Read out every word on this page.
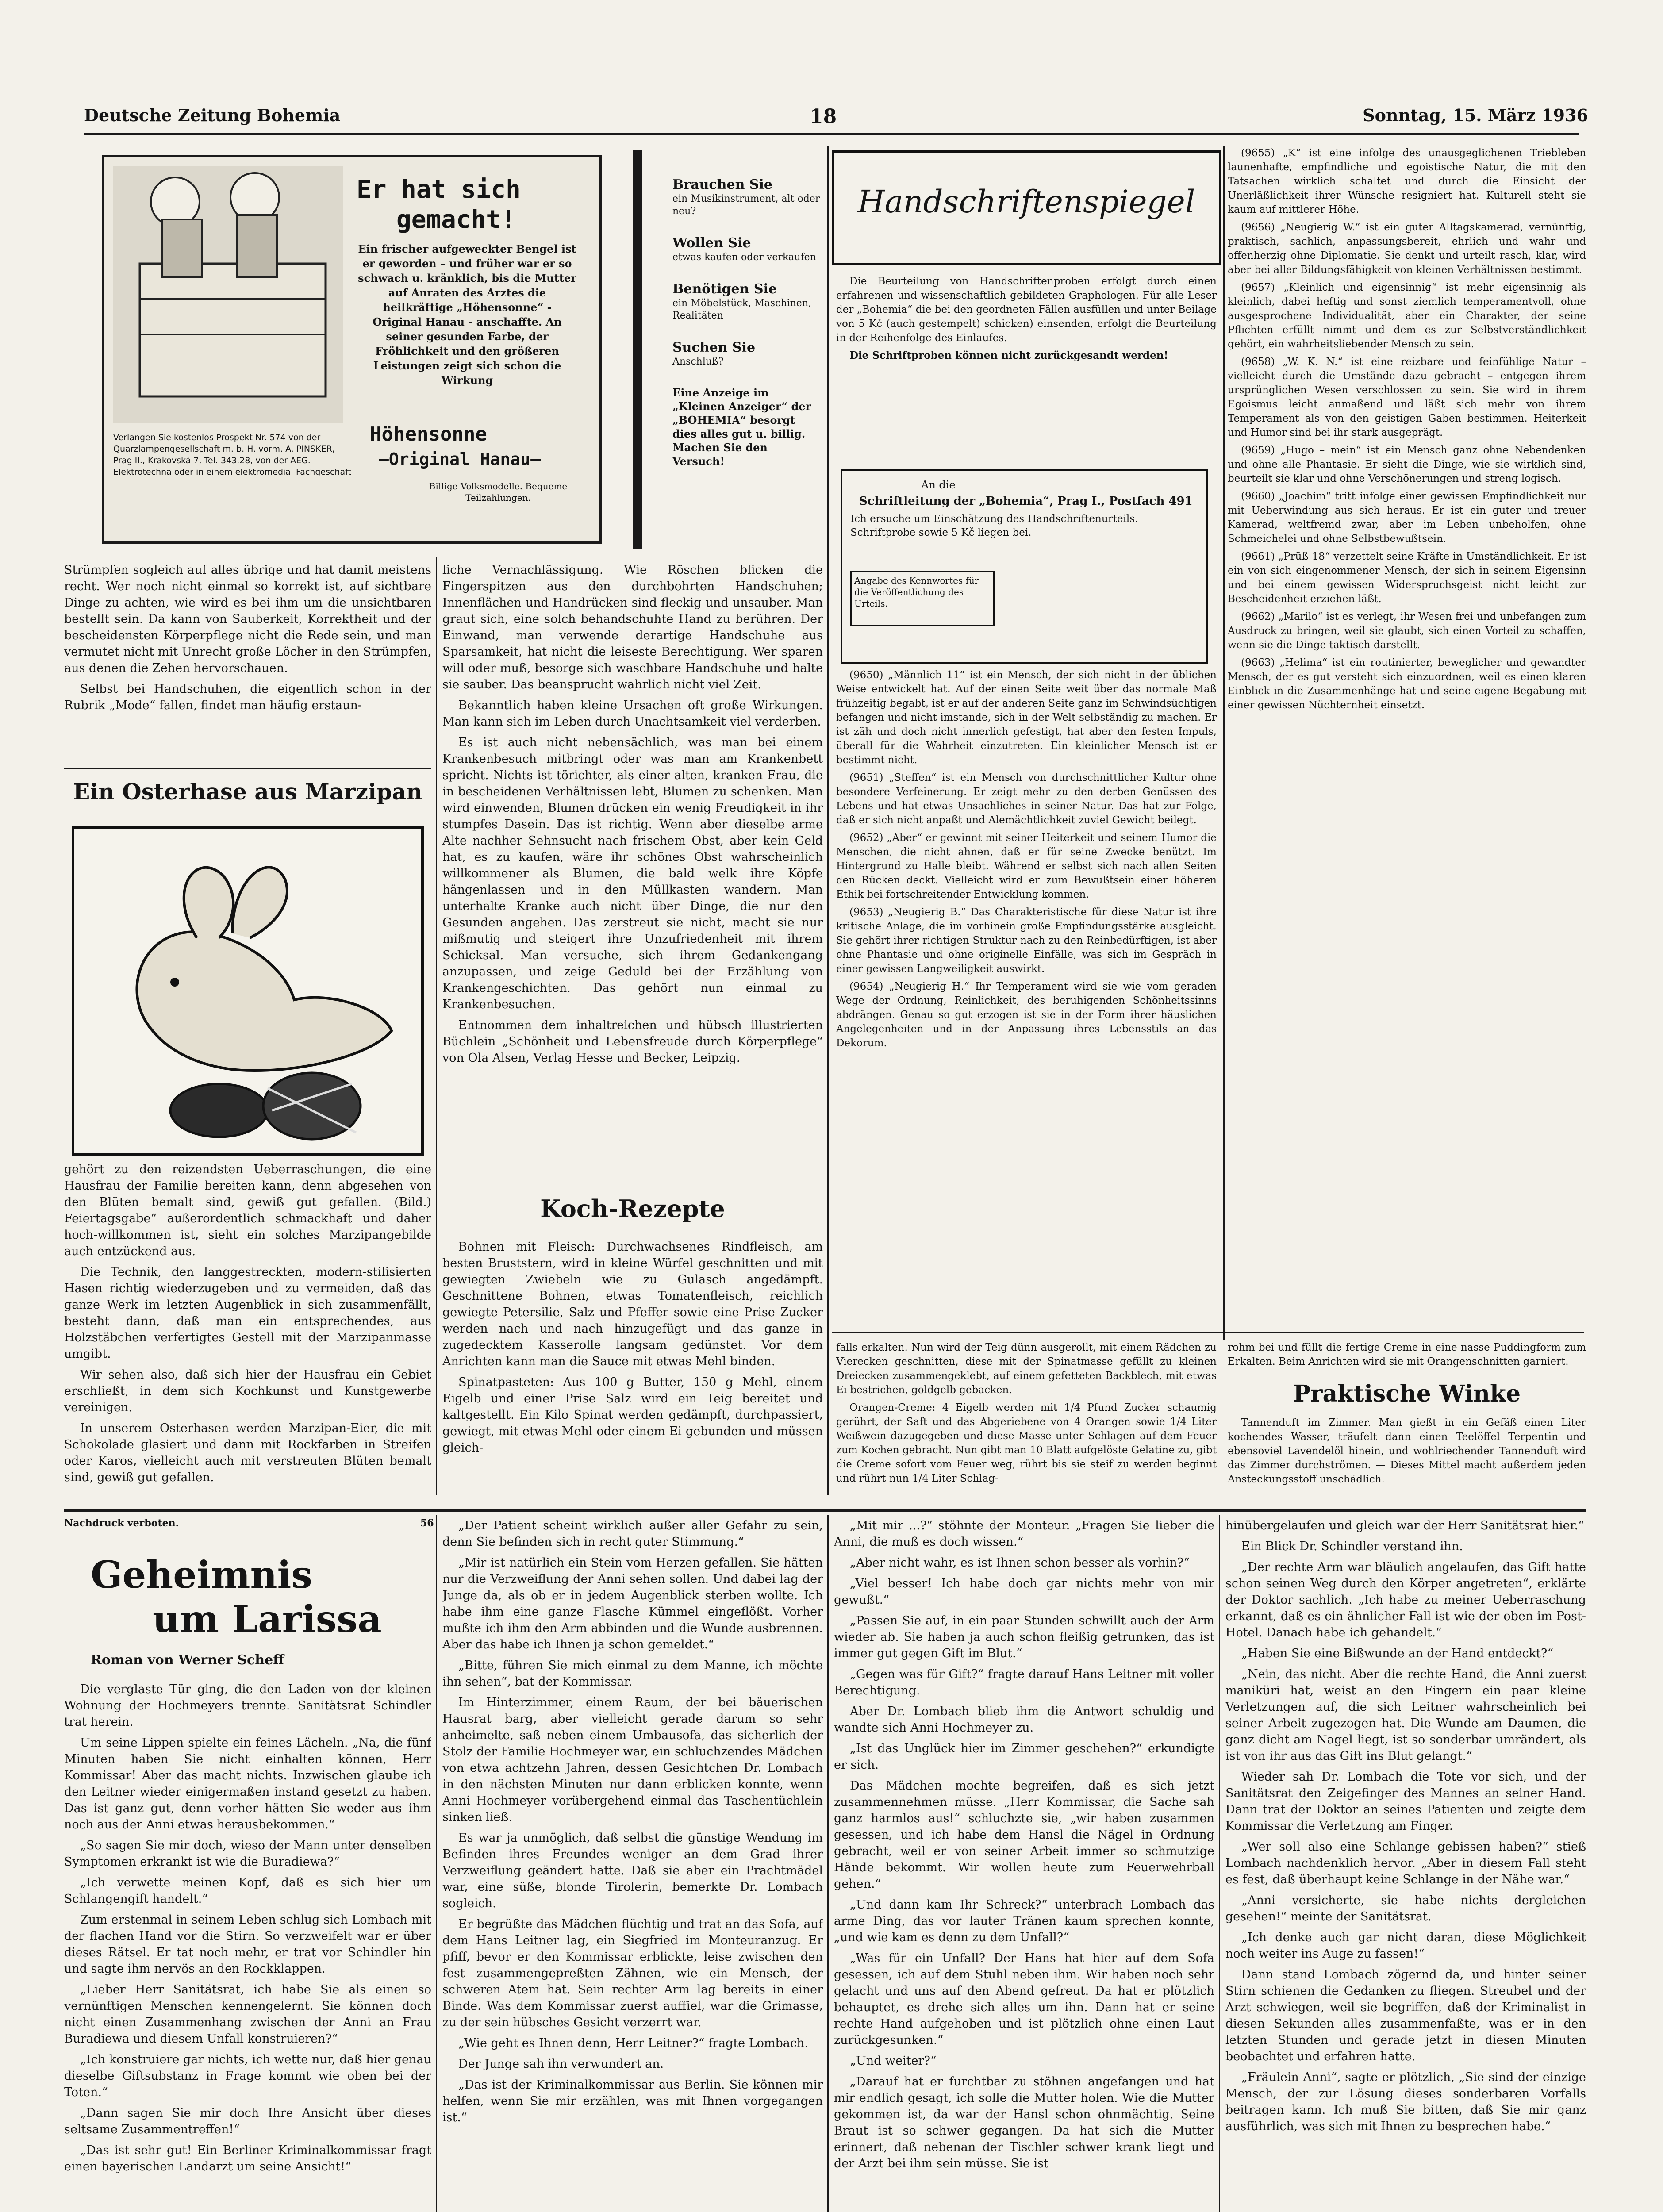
Deutsche Zeitung Bohemia	18	Sonntag, 15. März 1936
Er hat sich
gemacht!
Ein frischer aufgeweckter Bengel ist er geworden – und früher war er so schwach u. kränklich, bis die Mutter auf Anraten des Arztes die heilkräftige „Höhensonne“ - Original Hanau - anschaffte. An seiner gesunden Farbe, der Fröhlichkeit und den größeren Leistungen zeigt sich schon die Wirkung
Höhensonne
–Original Hanau–
Billige Volksmodelle. Bequeme Teilzahlungen.
Verlangen Sie kostenlos Prospekt Nr. 574 von der Quarzlampengesellschaft m. b. H. vorm. A. PINSKER, Prag II., Krakovská 7, Tel. 343.28, von der AEG. Elektrotechna oder in einem elektromedia. Fachgeschäft
Brauchen Sie
ein Musikinstrument, alt oder neu?
Wollen Sie
etwas kaufen oder verkaufen
Benötigen Sie
ein Möbelstück, Maschinen, Realitäten
Suchen Sie
Anschluß?
Eine Anzeige im „Kleinen Anzeiger“ der „BOHEMIA“ besorgt dies alles gut u. billig. Machen Sie den Versuch!

Strümpfen sogleich auf alles übrige und hat damit meistens recht. Wer noch nicht einmal so korrekt ist, auf sichtbare Dinge zu achten, wie wird es bei ihm um die unsichtbaren bestellt sein. Da kann von Sauberkeit, Korrektheit und der bescheidensten Körperpflege nicht die Rede sein, und man vermutet nicht mit Unrecht große Löcher in den Strümpfen, aus denen die Zehen hervorschauen.

Selbst bei Handschuhen, die eigentlich schon in der Rubrik „Mode“ fallen, findet man häufig erstaun-

Ein Osterhase aus Marzipan

gehört zu den reizendsten Ueberraschungen, die eine Hausfrau der Familie bereiten kann, denn abgesehen von den Blüten bemalt sind, gewiß gut gefallen. (Bild.) Feiertagsgabe“ außerordentlich schmackhaft und daher hoch-willkommen ist, sieht ein solches Marzipangebilde auch entzückend aus.

Die Technik, den langgestreckten, modern-stilisierten Hasen richtig wiederzugeben und zu vermeiden, daß das ganze Werk im letzten Augenblick in sich zusammenfällt, besteht dann, daß man ein entsprechendes, aus Holzstäbchen verfertigtes Gestell mit der Marzipanmasse umgibt.

Wir sehen also, daß sich hier der Hausfrau ein Gebiet erschließt, in dem sich Kochkunst und Kunstgewerbe vereinigen.

In unserem Osterhasen werden Marzipan-Eier, die mit Schokolade glasiert und dann mit Rockfarben in Streifen oder Karos, vielleicht auch mit verstreuten Blüten bemalt sind, gewiß gut gefallen.

liche Vernachlässigung. Wie Röschen blicken die Fingerspitzen aus den durchbohrten Handschuhen; Innenflächen und Handrücken sind fleckig und unsauber. Man graut sich, eine solch behandschuhte Hand zu berühren. Der Einwand, man verwende derartige Handschuhe aus Sparsamkeit, hat nicht die leiseste Berechtigung. Wer sparen will oder muß, besorge sich waschbare Handschuhe und halte sie sauber. Das beansprucht wahrlich nicht viel Zeit.

Bekanntlich haben kleine Ursachen oft große Wirkungen. Man kann sich im Leben durch Unachtsamkeit viel verderben.

Es ist auch nicht nebensächlich, was man bei einem Krankenbesuch mitbringt oder was man am Krankenbett spricht. Nichts ist törichter, als einer alten, kranken Frau, die in bescheidenen Verhältnissen lebt, Blumen zu schenken. Man wird einwenden, Blumen drücken ein wenig Freudigkeit in ihr stumpfes Dasein. Das ist richtig. Wenn aber dieselbe arme Alte nachher Sehnsucht nach frischem Obst, aber kein Geld hat, es zu kaufen, wäre ihr schönes Obst wahrscheinlich willkommener als Blumen, die bald welk ihre Köpfe hängenlassen und in den Müllkasten wandern. Man unterhalte Kranke auch nicht über Dinge, die nur den Gesunden angehen. Das zerstreut sie nicht, macht sie nur mißmutig und steigert ihre Unzufriedenheit mit ihrem Schicksal. Man versuche, sich ihrem Gedankengang anzupassen, und zeige Geduld bei der Erzählung von Krankengeschichten. Das gehört nun einmal zu Krankenbesuchen.

Entnommen dem inhaltreichen und hübsch illustrierten Büchlein „Schönheit und Lebensfreude durch Körperpflege“ von Ola Alsen, Verlag Hesse und Becker, Leipzig.

Koch-Rezepte

Bohnen mit Fleisch: Durchwachsenes Rindfleisch, am besten Bruststern, wird in kleine Würfel geschnitten und mit gewiegten Zwiebeln wie zu Gulasch angedämpft. Geschnittene Bohnen, etwas Tomatenfleisch, reichlich gewiegte Petersilie, Salz und Pfeffer sowie eine Prise Zucker werden nach und nach hinzugefügt und das ganze in zugedecktem Kasserolle langsam gedünstet. Vor dem Anrichten kann man die Sauce mit etwas Mehl binden.

Spinatpasteten: Aus 100 g Butter, 150 g Mehl, einem Eigelb und einer Prise Salz wird ein Teig bereitet und kaltgestellt. Ein Kilo Spinat werden gedämpft, durchpassiert, gewiegt, mit etwas Mehl oder einem Ei gebunden und müssen gleich-

Handschriftenspiegel

Die Beurteilung von Handschriftenproben erfolgt durch einen erfahrenen und wissenschaftlich gebildeten Graphologen. Für alle Leser der „Bohemia“ die bei den geordneten Fällen ausfüllen und unter Beilage von 5 Kč (auch gestempelt) schicken) einsenden, erfolgt die Beurteilung in der Reihenfolge des Einlaufes.

Die Schriftproben können nicht zurückgesandt werden!

An die
Schriftleitung der „Bohemia“, Prag I., Postfach 491
Ich ersuche um Einschätzung des Handschriftenurteils. Schriftprobe sowie 5 Kč liegen bei.
Angabe des Kennwortes für die Veröffentlichung des Urteils.

(9650) „Männlich 11“ ist ein Mensch, der sich nicht in der üblichen Weise entwickelt hat. Auf der einen Seite weit über das normale Maß frühzeitig begabt, ist er auf der anderen Seite ganz im Schwindsüchtigen befangen und nicht imstande, sich in der Welt selbständig zu machen. Er ist zäh und doch nicht innerlich gefestigt, hat aber den festen Impuls, überall für die Wahrheit einzutreten. Ein kleinlicher Mensch ist er bestimmt nicht.

(9651) „Steffen“ ist ein Mensch von durchschnittlicher Kultur ohne besondere Verfeinerung. Er zeigt mehr zu den derben Genüssen des Lebens und hat etwas Unsachliches in seiner Natur. Das hat zur Folge, daß er sich nicht anpaßt und Alemächtlichkeit zuviel Gewicht beilegt.

(9652) „Aber“ er gewinnt mit seiner Heiterkeit und seinem Humor die Menschen, die nicht ahnen, daß er für seine Zwecke benützt. Im Hintergrund zu Halle bleibt. Während er selbst sich nach allen Seiten den Rücken deckt. Vielleicht wird er zum Bewußtsein einer höheren Ethik bei fortschreitender Entwicklung kommen.

(9653) „Neugierig B.“ Das Charakteristische für diese Natur ist ihre kritische Anlage, die im vorhinein große Empfindungsstärke ausgleicht. Sie gehört ihrer richtigen Struktur nach zu den Reinbedürftigen, ist aber ohne Phantasie und ohne originelle Einfälle, was sich im Gespräch in einer gewissen Langweiligkeit auswirkt.

(9654) „Neugierig H.“ Ihr Temperament wird sie wie vom geraden Wege der Ordnung, Reinlichkeit, des beruhigenden Schönheitssinns abdrängen. Genau so gut erzogen ist sie in der Form ihrer häuslichen Angelegenheiten und in der Anpassung ihres Lebensstils an das Dekorum.

(9655) „K“ ist eine infolge des unausgeglichenen Triebleben launenhafte, empfindliche und egoistische Natur, die mit den Tatsachen wirklich schaltet und durch die Einsicht der Unerläßlichkeit ihrer Wünsche resigniert hat. Kulturell steht sie kaum auf mittlerer Höhe.

(9656) „Neugierig W.“ ist ein guter Alltagskamerad, vernünftig, praktisch, sachlich, anpassungsbereit, ehrlich und wahr und offenherzig ohne Diplomatie. Sie denkt und urteilt rasch, klar, wird aber bei aller Bildungsfähigkeit von kleinen Verhältnissen bestimmt.

(9657) „Kleinlich und eigensinnig“ ist mehr eigensinnig als kleinlich, dabei heftig und sonst ziemlich temperamentvoll, ohne ausgesprochene Individualität, aber ein Charakter, der seine Pflichten erfüllt nimmt und dem es zur Selbstverständlichkeit gehört, ein wahrheitsliebender Mensch zu sein.

(9658) „W. K. N.“ ist eine reizbare und feinfühlige Natur – vielleicht durch die Umstände dazu gebracht – entgegen ihrem ursprünglichen Wesen verschlossen zu sein. Sie wird in ihrem Egoismus leicht anmaßend und läßt sich mehr von ihrem Temperament als von den geistigen Gaben bestimmen. Heiterkeit und Humor sind bei ihr stark ausgeprägt.

(9659) „Hugo – mein“ ist ein Mensch ganz ohne Nebendenken und ohne alle Phantasie. Er sieht die Dinge, wie sie wirklich sind, beurteilt sie klar und ohne Verschönerungen und streng logisch.

(9660) „Joachim“ tritt infolge einer gewissen Empfindlichkeit nur mit Ueberwindung aus sich heraus. Er ist ein guter und treuer Kamerad, weltfremd zwar, aber im Leben unbeholfen, ohne Schmeichelei und ohne Selbstbewußtsein.

(9661) „Prüß 18“ verzettelt seine Kräfte in Umständlichkeit. Er ist ein von sich eingenommener Mensch, der sich in seinem Eigensinn und bei einem gewissen Widerspruchsgeist nicht leicht zur Bescheidenheit erziehen läßt.

(9662) „Marilo“ ist es verlegt, ihr Wesen frei und unbefangen zum Ausdruck zu bringen, weil sie glaubt, sich einen Vorteil zu schaffen, wenn sie die Dinge taktisch darstellt.

(9663) „Helima“ ist ein routinierter, beweglicher und gewandter Mensch, der es gut versteht sich einzuordnen, weil es einen klaren Einblick in die Zusammenhänge hat und seine eigene Begabung mit einer gewissen Nüchternheit einsetzt.

falls erkalten. Nun wird der Teig dünn ausgerollt, mit einem Rädchen zu Vierecken geschnitten, diese mit der Spinatmasse gefüllt zu kleinen Dreiecken zusammengeklebt, auf einem gefetteten Backblech, mit etwas Ei bestrichen, goldgelb gebacken.

Orangen-Creme: 4 Eigelb werden mit 1/4 Pfund Zucker schaumig gerührt, der Saft und das Abgeriebene von 4 Orangen sowie 1/4 Liter Weißwein dazugegeben und diese Masse unter Schlagen auf dem Feuer zum Kochen gebracht. Nun gibt man 10 Blatt aufgelöste Gelatine zu, gibt die Creme sofort vom Feuer weg, rührt bis sie steif zu werden beginnt und rührt nun 1/4 Liter Schlag-

rohm bei und füllt die fertige Creme in eine nasse Puddingform zum Erkalten. Beim Anrichten wird sie mit Orangenschnitten garniert.

Praktische Winke

Tannenduft im Zimmer. Man gießt in ein Gefäß einen Liter kochendes Wasser, träufelt dann einen Teelöffel Terpentin und ebensoviel Lavendelöl hinein, und wohlriechender Tannenduft wird das Zimmer durchströmen. — Dieses Mittel macht außerdem jeden Ansteckungsstoff unschädlich.

Nachdruck verboten.	56
Geheimnis
um Larissa
Roman von Werner Scheff

Die verglaste Tür ging, die den Laden von der kleinen Wohnung der Hochmeyers trennte. Sanitätsrat Schindler trat herein.

Um seine Lippen spielte ein feines Lächeln. „Na, die fünf Minuten haben Sie nicht einhalten können, Herr Kommissar! Aber das macht nichts. Inzwischen glaube ich den Leitner wieder einigermaßen instand gesetzt zu haben. Das ist ganz gut, denn vorher hätten Sie weder aus ihm noch aus der Anni etwas herausbekommen.“

„So sagen Sie mir doch, wieso der Mann unter denselben Symptomen erkrankt ist wie die Buradiewa?“

„Ich verwette meinen Kopf, daß es sich hier um Schlangengift handelt.“

Zum erstenmal in seinem Leben schlug sich Lombach mit der flachen Hand vor die Stirn. So verzweifelt war er über dieses Rätsel. Er tat noch mehr, er trat vor Schindler hin und sagte ihm nervös an den Rockklappen.

„Lieber Herr Sanitätsrat, ich habe Sie als einen so vernünftigen Menschen kennengelernt. Sie können doch nicht einen Zusammenhang zwischen der Anni an Frau Buradiewa und diesem Unfall konstruieren?“

„Ich konstruiere gar nichts, ich wette nur, daß hier genau dieselbe Giftsubstanz in Frage kommt wie oben bei der Toten.“

„Dann sagen Sie mir doch Ihre Ansicht über dieses seltsame Zusammentreffen!“

„Das ist sehr gut! Ein Berliner Kriminalkommissar fragt einen bayerischen Landarzt um seine Ansicht!“

„Der Patient scheint wirklich außer aller Gefahr zu sein, denn Sie befinden sich in recht guter Stimmung.“

„Mir ist natürlich ein Stein vom Herzen gefallen. Sie hätten nur die Verzweiflung der Anni sehen sollen. Und dabei lag der Junge da, als ob er in jedem Augenblick sterben wollte. Ich habe ihm eine ganze Flasche Kümmel eingeflößt. Vorher mußte ich ihm den Arm abbinden und die Wunde ausbrennen. Aber das habe ich Ihnen ja schon gemeldet.“

„Bitte, führen Sie mich einmal zu dem Manne, ich möchte ihn sehen“, bat der Kommissar.

Im Hinterzimmer, einem Raum, der bei bäuerischen Hausrat barg, aber vielleicht gerade darum so sehr anheimelte, saß neben einem Umbausofa, das sicherlich der Stolz der Familie Hochmeyer war, ein schluchzendes Mädchen von etwa achtzehn Jahren, dessen Gesichtchen Dr. Lombach in den nächsten Minuten nur dann erblicken konnte, wenn Anni Hochmeyer vorübergehend einmal das Taschentüchlein sinken ließ.

Es war ja unmöglich, daß selbst die günstige Wendung im Befinden ihres Freundes weniger an dem Grad ihrer Verzweiflung geändert hatte. Daß sie aber ein Prachtmädel war, eine süße, blonde Tirolerin, bemerkte Dr. Lombach sogleich.

Er begrüßte das Mädchen flüchtig und trat an das Sofa, auf dem Hans Leitner lag, ein Siegfried im Monteuranzug. Er pfiff, bevor er den Kommissar erblickte, leise zwischen den fest zusammengepreßten Zähnen, wie ein Mensch, der schweren Atem hat. Sein rechter Arm lag bereits in einer Binde. Was dem Kommissar zuerst auffiel, war die Grimasse, zu der sein hübsches Gesicht verzerrt war.

„Wie geht es Ihnen denn, Herr Leitner?“ fragte Lombach.

Der Junge sah ihn verwundert an.

„Das ist der Kriminalkommissar aus Berlin. Sie können mir helfen, wenn Sie mir erzählen, was mit Ihnen vorgegangen ist.“

„Mit mir ...?“ stöhnte der Monteur. „Fragen Sie lieber die Anni, die muß es doch wissen.“

„Aber nicht wahr, es ist Ihnen schon besser als vorhin?“

„Viel besser! Ich habe doch gar nichts mehr von mir gewußt.“

„Passen Sie auf, in ein paar Stunden schwillt auch der Arm wieder ab. Sie haben ja auch schon fleißig getrunken, das ist immer gut gegen Gift im Blut.“

„Gegen was für Gift?“ fragte darauf Hans Leitner mit voller Berechtigung.

Aber Dr. Lombach blieb ihm die Antwort schuldig und wandte sich Anni Hochmeyer zu.

„Ist das Unglück hier im Zimmer geschehen?“ erkundigte er sich.

Das Mädchen mochte begreifen, daß es sich jetzt zusammennehmen müsse. „Herr Kommissar, die Sache sah ganz harmlos aus!“ schluchzte sie, „wir haben zusammen gesessen, und ich habe dem Hansl die Nägel in Ordnung gebracht, weil er von seiner Arbeit immer so schmutzige Hände bekommt. Wir wollen heute zum Feuerwehrball gehen.“

„Und dann kam Ihr Schreck?“ unterbrach Lombach das arme Ding, das vor lauter Tränen kaum sprechen konnte, „und wie kam es denn zu dem Unfall?“

„Was für ein Unfall? Der Hans hat hier auf dem Sofa gesessen, ich auf dem Stuhl neben ihm. Wir haben noch sehr gelacht und uns auf den Abend gefreut. Da hat er plötzlich behauptet, es drehe sich alles um ihn. Dann hat er seine rechte Hand aufgehoben und ist plötzlich ohne einen Laut zurückgesunken.“

„Und weiter?“

„Darauf hat er furchtbar zu stöhnen angefangen und hat mir endlich gesagt, ich solle die Mutter holen. Wie die Mutter gekommen ist, da war der Hansl schon ohnmächtig. Seine Braut ist so schwer gegangen. Da hat sich die Mutter erinnert, daß nebenan der Tischler schwer krank liegt und der Arzt bei ihm sein müsse. Sie ist

hinübergelaufen und gleich war der Herr Sanitätsrat hier.“

Ein Blick Dr. Schindler verstand ihn.

„Der rechte Arm war bläulich angelaufen, das Gift hatte schon seinen Weg durch den Körper angetreten“, erklärte der Doktor sachlich. „Ich habe zu meiner Ueberraschung erkannt, daß es ein ähnlicher Fall ist wie der oben im Post-Hotel. Danach habe ich gehandelt.“

„Haben Sie eine Bißwunde an der Hand entdeckt?“

„Nein, das nicht. Aber die rechte Hand, die Anni zuerst maniküri hat, weist an den Fingern ein paar kleine Verletzungen auf, die sich Leitner wahrscheinlich bei seiner Arbeit zugezogen hat. Die Wunde am Daumen, die ganz dicht am Nagel liegt, ist so sonderbar umrändert, als ist von ihr aus das Gift ins Blut gelangt.“

Wieder sah Dr. Lombach die Tote vor sich, und der Sanitätsrat den Zeigefinger des Mannes an seiner Hand. Dann trat der Doktor an seines Patienten und zeigte dem Kommissar die Verletzung am Finger.

„Wer soll also eine Schlange gebissen haben?“ stieß Lombach nachdenklich hervor. „Aber in diesem Fall steht es fest, daß überhaupt keine Schlange in der Nähe war.“

„Anni versicherte, sie habe nichts dergleichen gesehen!“ meinte der Sanitätsrat.

„Ich denke auch gar nicht daran, diese Möglichkeit noch weiter ins Auge zu fassen!“

Dann stand Lombach zögernd da, und hinter seiner Stirn schienen die Gedanken zu fliegen. Streubel und der Arzt schwiegen, weil sie begriffen, daß der Kriminalist in diesen Sekunden alles zusammenfaßte, was er in den letzten Stunden und gerade jetzt in diesen Minuten beobachtet und erfahren hatte.

„Fräulein Anni“, sagte er plötzlich, „Sie sind der einzige Mensch, der zur Lösung dieses sonderbaren Vorfalls beitragen kann. Ich muß Sie bitten, daß Sie mir ganz ausführlich, was sich mit Ihnen zu besprechen habe.“
